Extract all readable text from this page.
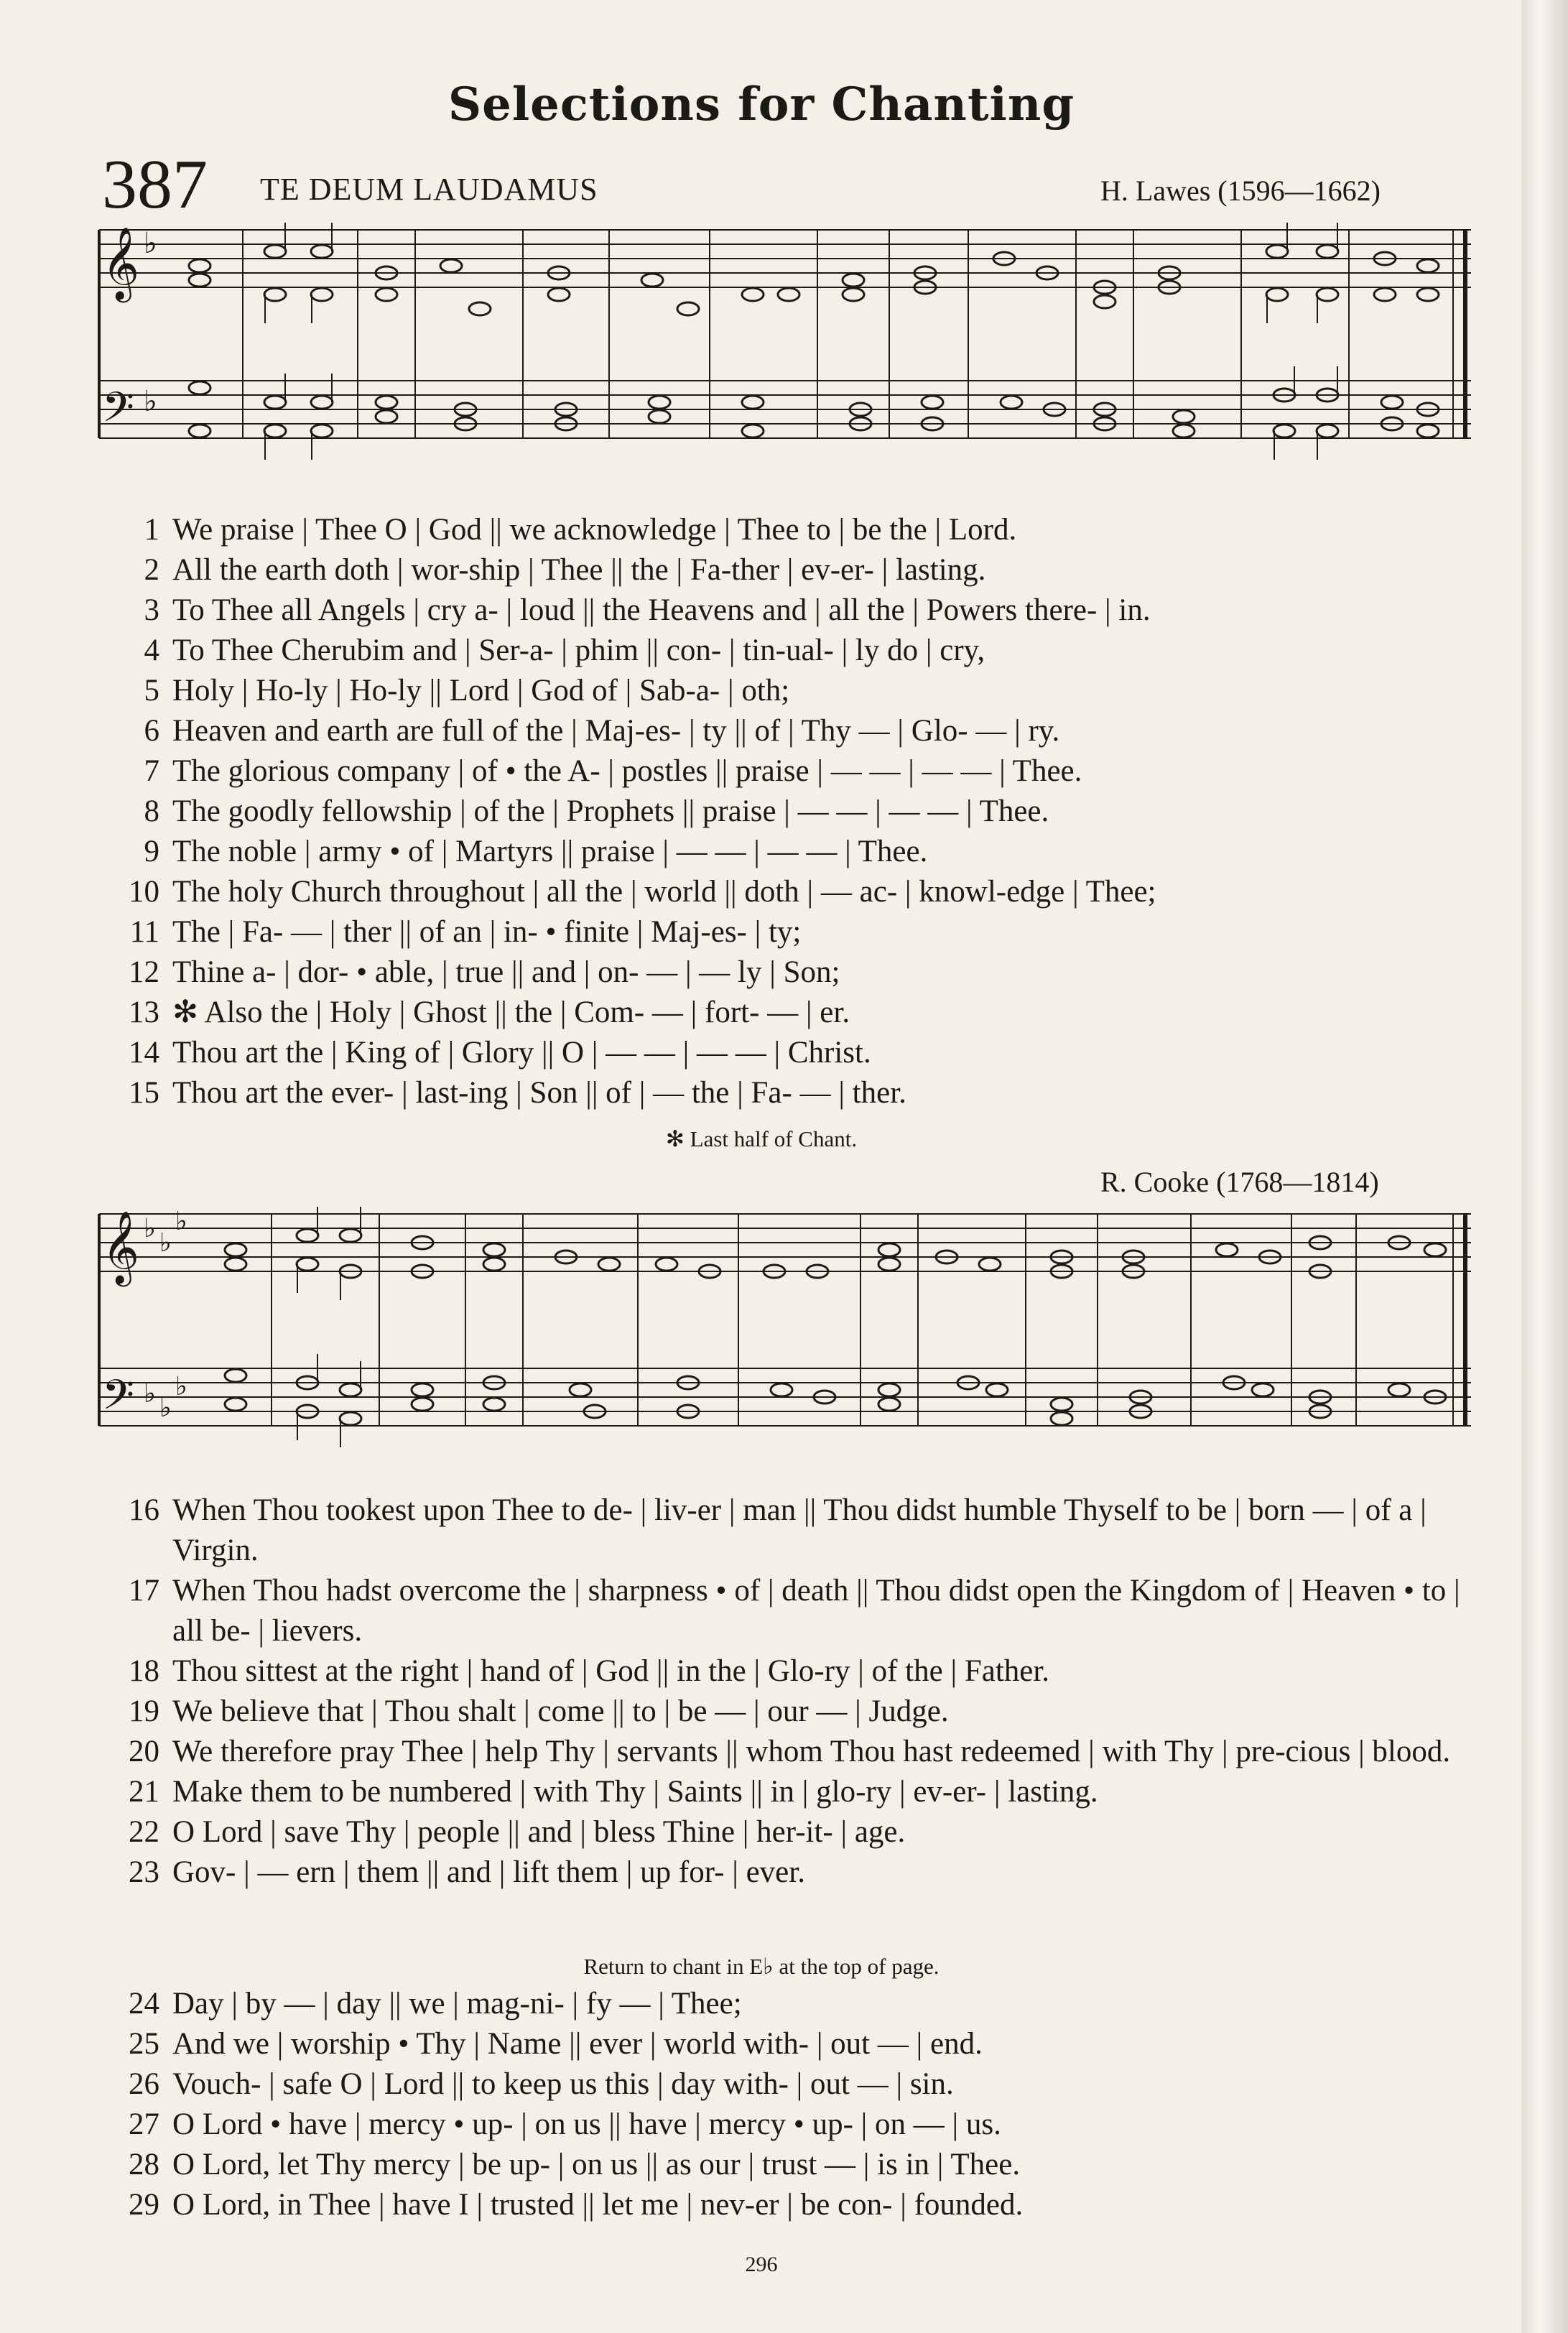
Selections for Chanting
387 TE DEUM LAUDAMUS	H. Lawes (1596—1662)
𝄞 ♭
𝄢 ♭
1 We praise | Thee O | God || we acknowledge | Thee to | be the | Lord.
2 All the earth doth | wor-ship | Thee || the | Fa-ther | ev-er- | lasting.
3 To Thee all Angels | cry a- | loud || the Heavens and | all the | Powers there- | in.
4 To Thee Cherubim and | Ser-a- | phim || con- | tin-ual- | ly do | cry,
5 Holy | Ho-ly | Ho-ly || Lord | God of | Sab-a- | oth;
6 Heaven and earth are full of the | Maj-es- | ty || of | Thy — | Glo- — | ry.
7 The glorious company | of • the A- | postles || praise | — — | — — | Thee.
8 The goodly fellowship | of the | Prophets || praise | — — | — — | Thee.
9 The noble | army • of | Martyrs || praise | — — | — — | Thee.
10 The holy Church throughout | all the | world || doth | — ac- | knowl-edge | Thee;
11 The | Fa- — | ther || of an | in- • finite | Maj-es- | ty;
12 Thine a- | dor- • able, | true || and | on- — | — ly | Son;
13 ✻ Also the | Holy | Ghost || the | Com- — | fort- — | er.
14 Thou art the | King of | Glory || O | — — | — — | Christ.
15 Thou art the ever- | last-ing | Son || of | — the | Fa- — | ther.
✻ Last half of Chant.
R. Cooke (1768—1814)
𝄞 ♭ ♭
♭
𝄢 ♭ ♭
♭
16 When Thou tookest upon Thee to de- | liv-er | man || Thou didst humble Thyself to be | born — | of a | Virgin.
17 When Thou hadst overcome the | sharpness • of | death || Thou didst open the Kingdom of | Heaven • to | all be- | lievers.
18 Thou sittest at the right | hand of | God || in the | Glo-ry | of the | Father.
19 We believe that | Thou shalt | come || to | be — | our — | Judge.
20 We therefore pray Thee | help Thy | servants || whom Thou hast redeemed | with Thy | pre-cious | blood.
21 Make them to be numbered | with Thy | Saints || in | glo-ry | ev-er- | lasting.
22 O Lord | save Thy | people || and | bless Thine | her-it- | age.
23 Gov- | — ern | them || and | lift them | up for- | ever.
Return to chant in E♭ at the top of page.
24 Day | by — | day || we | mag-ni- | fy — | Thee;
25 And we | worship • Thy | Name || ever | world with- | out — | end.
26 Vouch- | safe O | Lord || to keep us this | day with- | out — | sin.
27 O Lord • have | mercy • up- | on us || have | mercy • up- | on — | us.
28 O Lord, let Thy mercy | be up- | on us || as our | trust — | is in | Thee.
29 O Lord, in Thee | have I | trusted || let me | nev-er | be con- | founded.
296
